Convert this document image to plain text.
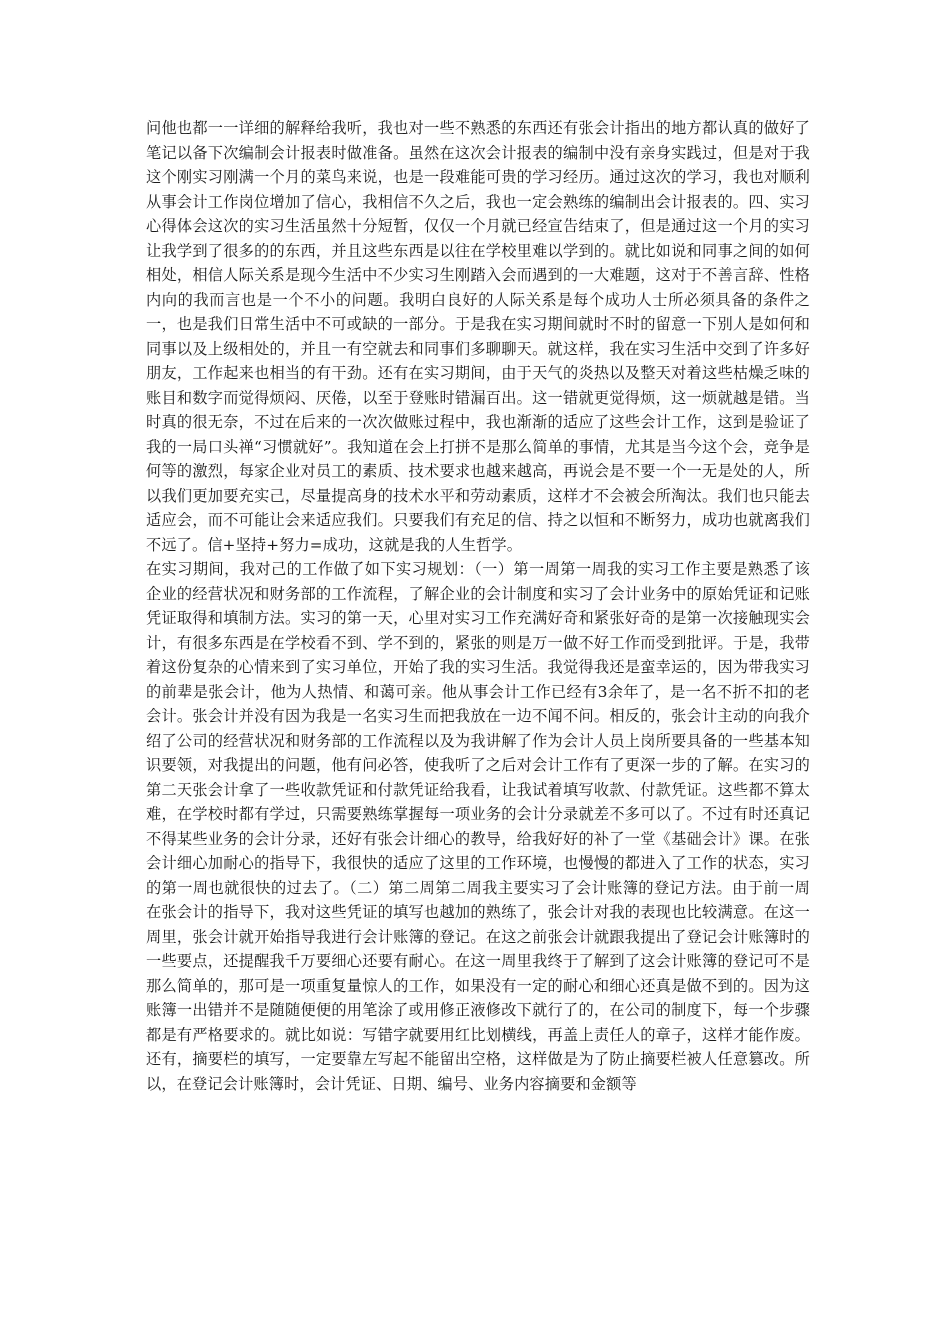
问他也都一一详细的解释给我听，我也对一些不熟悉的东西还有张会计指出的地方都认真的做好了笔记以备下次编制会计报表时做准备。虽然在这次会计报表的编制中没有亲身实践过，但是对于我这个刚实习刚满一个月的菜鸟来说，也是一段难能可贵的学习经历。通过这次的学习，我也对顺利从事会计工作岗位增加了信心，我相信不久之后，我也一定会熟练的编制出会计报表的。四、实习心得体会这次的实习生活虽然十分短暂，仅仅一个月就已经宣告结束了，但是通过这一个月的实习让我学到了很多的的东西，并且这些东西是以往在学校里难以学到的。就比如说和同事之间的如何相处，相信人际关系是现今生活中不少实习生刚踏入会而遇到的一大难题，这对于不善言辞、性格内向的我而言也是一个不小的问题。我明白良好的人际关系是每个成功人士所必须具备的条件之一，也是我们日常生活中不可或缺的一部分。于是我在实习期间就时不时的留意一下别人是如何和同事以及上级相处的，并且一有空就去和同事们多聊聊天。就这样，我在实习生活中交到了许多好朋友，工作起来也相当的有干劲。还有在实习期间，由于天气的炎热以及整天对着这些枯燥乏味的账目和数字而觉得烦闷、厌倦，以至于登账时错漏百出。这一错就更觉得烦，这一烦就越是错。当时真的很无奈，不过在后来的一次次做账过程中，我也渐渐的适应了这些会计工作，这到是验证了我的一局口头禅“习惯就好”。我知道在会上打拼不是那么简单的事情，尤其是当今这个会，竞争是何等的激烈，每家企业对员工的素质、技术要求也越来越高，再说会是不要一个一无是处的人，所以我们更加要充实己，尽量提高身的技术水平和劳动素质，这样才不会被会所淘汰。我们也只能去适应会，而不可能让会来适应我们。只要我们有充足的信、持之以恒和不断努力，成功也就离我们不远了。信+坚持+努力=成功，这就是我的人生哲学。

在实习期间，我对己的工作做了如下实习规划：（一）第一周第一周我的实习工作主要是熟悉了该企业的经营状况和财务部的工作流程，了解企业的会计制度和实习了会计业务中的原始凭证和记账凭证取得和填制方法。实习的第一天，心里对实习工作充满好奇和紧张好奇的是第一次接触现实会计，有很多东西是在学校看不到、学不到的，紧张的则是万一做不好工作而受到批评。于是，我带着这份复杂的心情来到了实习单位，开始了我的实习生活。我觉得我还是蛮幸运的，因为带我实习的前辈是张会计，他为人热情、和蔼可亲。他从事会计工作已经有3余年了，是一名不折不扣的老会计。张会计并没有因为我是一名实习生而把我放在一边不闻不问。相反的，张会计主动的向我介绍了公司的经营状况和财务部的工作流程以及为我讲解了作为会计人员上岗所要具备的一些基本知识要领，对我提出的问题，他有问必答，使我听了之后对会计工作有了更深一步的了解。在实习的第二天张会计拿了一些收款凭证和付款凭证给我看，让我试着填写收款、付款凭证。这些都不算太难，在学校时都有学过，只需要熟练掌握每一项业务的会计分录就差不多可以了。不过有时还真记不得某些业务的会计分录，还好有张会计细心的教导，给我好好的补了一堂《基础会计》课。在张会计细心加耐心的指导下，我很快的适应了这里的工作环境，也慢慢的都进入了工作的状态，实习的第一周也就很快的过去了。（二）第二周第二周我主要实习了会计账簿的登记方法。由于前一周在张会计的指导下，我对这些凭证的填写也越加的熟练了，张会计对我的表现也比较满意。在这一周里，张会计就开始指导我进行会计账簿的登记。在这之前张会计就跟我提出了登记会计账簿时的一些要点，还提醒我千万要细心还要有耐心。在这一周里我终于了解到了这会计账簿的登记可不是那么简单的，那可是一项重复量惊人的工作，如果没有一定的耐心和细心还真是做不到的。因为这账簿一出错并不是随随便便的用笔涂了或用修正液修改下就行了的，在公司的制度下，每一个步骤都是有严格要求的。就比如说：写错字就要用红比划横线，再盖上责任人的章子，这样才能作废。还有，摘要栏的填写，一定要靠左写起不能留出空格，这样做是为了防止摘要栏被人任意篡改。所以，在登记会计账簿时，会计凭证、日期、编号、业务内容摘要和金额等
